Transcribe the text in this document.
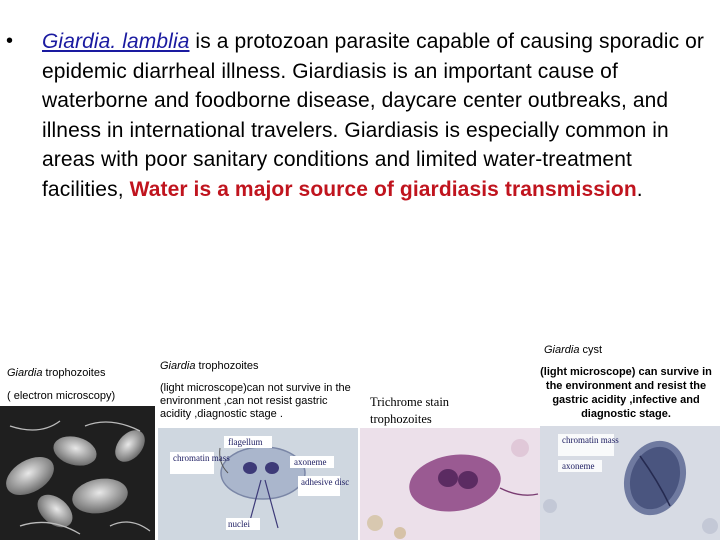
• Giardia. lamblia is a protozoan parasite capable of causing sporadic or epidemic diarrheal illness. Giardiasis is an important cause of waterborne and foodborne disease, daycare center outbreaks, and illness in international travelers. Giardiasis is especially common in areas with poor sanitary conditions and limited water-treatment facilities, Water is a major source of giardiasis transmission.
Giardia trophozoites
( electron microscopy)
Giardia trophozoites
(light microscope)can not survive in the environment ,can not resist gastric acidity ,diagnostic stage .
Trichrome stain trophozoites
Giardia cyst
(light microscope) can survive in the environment and resist the gastric acidity ,infective and diagnostic stage.
flagellum
chromatin mass	axoneme
adhesive disc
nuclei
chromatin mass
axoneme
